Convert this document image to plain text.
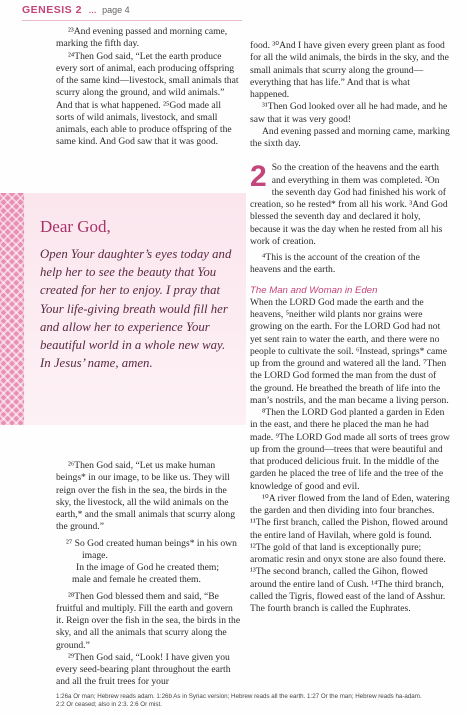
GENESIS 2 ... page 4

²³And evening passed and morning came, marking the fifth day.

²⁴Then God said, “Let the earth produce every sort of animal, each producing offspring of the same kind—livestock, small animals that scurry along the ground, and wild animals.” And that is what happened. ²⁵God made all sorts of wild animals, livestock, and small animals, each able to produce offspring of the same kind. And God saw that it was good.

Dear God,
Open Your daughter’s eyes today and help her to see the beauty that You created for her to enjoy. I pray that Your life-giving breath would fill her and allow her to experience Your beautiful world in a whole new way.
In Jesus’ name, amen.

²⁶Then God said, “Let us make human beings* in our image, to be like us. They will reign over the fish in the sea, the birds in the sky, the livestock, all the wild animals on the earth,* and the small animals that scurry along the ground.”

²⁷ So God created human beings* in his own image.

In the image of God he created them;

male and female he created them.

²⁸Then God blessed them and said, “Be fruitful and multiply. Fill the earth and govern it. Reign over the fish in the sea, the birds in the sky, and all the animals that scurry along the ground.”

²⁹Then God said, “Look! I have given you every seed-bearing plant throughout the earth and all the fruit trees for your

food. ³⁰And I have given every green plant as food for all the wild animals, the birds in the sky, and the small animals that scurry along the ground—everything that has life.” And that is what happened.

³¹Then God looked over all he had made, and he saw that it was very good!

And evening passed and morning came, marking the sixth day.

2 So the creation of the heavens and the earth and everything in them was completed. ²On the seventh day God had finished his work of creation, so he rested* from all his work. ³And God blessed the seventh day and declared it holy, because it was the day when he rested from all his work of creation.

⁴This is the account of the creation of the heavens and the earth.

The Man and Woman in Eden

When the LORD God made the earth and the heavens, ⁵neither wild plants nor grains were growing on the earth. For the LORD God had not yet sent rain to water the earth, and there were no people to cultivate the soil. ⁶Instead, springs* came up from the ground and watered all the land. ⁷Then the LORD God formed the man from the dust of the ground. He breathed the breath of life into the man’s nostrils, and the man became a living person.

⁸Then the LORD God planted a garden in Eden in the east, and there he placed the man he had made. ⁹The LORD God made all sorts of trees grow up from the ground—trees that were beautiful and that produced delicious fruit. In the middle of the garden he placed the tree of life and the tree of the knowledge of good and evil.

¹⁰A river flowed from the land of Eden, watering the garden and then dividing into four branches. ¹¹The first branch, called the Pishon, flowed around the entire land of Havilah, where gold is found. ¹²The gold of that land is exceptionally pure; aromatic resin and onyx stone are also found there. ¹³The second branch, called the Gihon, flowed around the entire land of Cush. ¹⁴The third branch, called the Tigris, flowed east of the land of Asshur. The fourth branch is called the Euphrates.

1:26a Or man; Hebrew reads adam. 1:26b As in Syriac version; Hebrew reads all the earth. 1:27 Or the man; Hebrew reads ha-adam.
2:2 Or ceased; also in 2:3. 2:6 Or mist.
